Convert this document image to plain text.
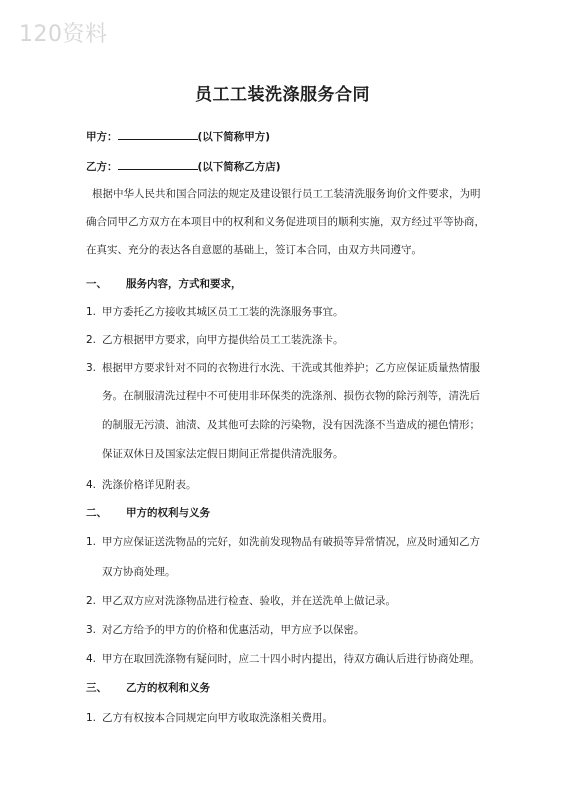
120资料
员工工装洗涤服务合同
甲方：	(以下简称甲方)
乙方：	(以下简称乙方店)
根据中华人民共和国合同法的规定及建设银行员工工装清洗服务询价文件要求，为明
确合同甲乙方双方在本项目中的权利和义务促进项目的顺利实施，双方经过平等协商，
在真实、充分的表达各自意愿的基础上，签订本合同，由双方共同遵守。
一、 服务内容，方式和要求，
1. 甲方委托乙方接收其城区员工工装的洗涤服务事宜。
2. 乙方根据甲方要求，向甲方提供给员工工装洗涤卡。
3. 根据甲方要求针对不同的衣物进行水洗、干洗或其他养护；乙方应保证质量热情服
务。在制服清洗过程中不可使用非环保类的洗涤剂、损伤衣物的除污剂等，清洗后
的制服无污渍、油渍、及其他可去除的污染物，没有因洗涤不当造成的褪色情形；
保证双休日及国家法定假日期间正常提供清洗服务。
4. 洗涤价格详见附表。
二、 甲方的权利与义务
1. 甲方应保证送洗物品的完好，如洗前发现物品有破损等异常情况，应及时通知乙方
双方协商处理。
2. 甲乙双方应对洗涤物品进行检查、验收，并在送洗单上做记录。
3. 对乙方给予的甲方的价格和优惠活动，甲方应予以保密。
4. 甲方在取回洗涤物有疑问时，应二十四小时内提出，待双方确认后进行协商处理。
三、 乙方的权利和义务
1. 乙方有权按本合同规定向甲方收取洗涤相关费用。
